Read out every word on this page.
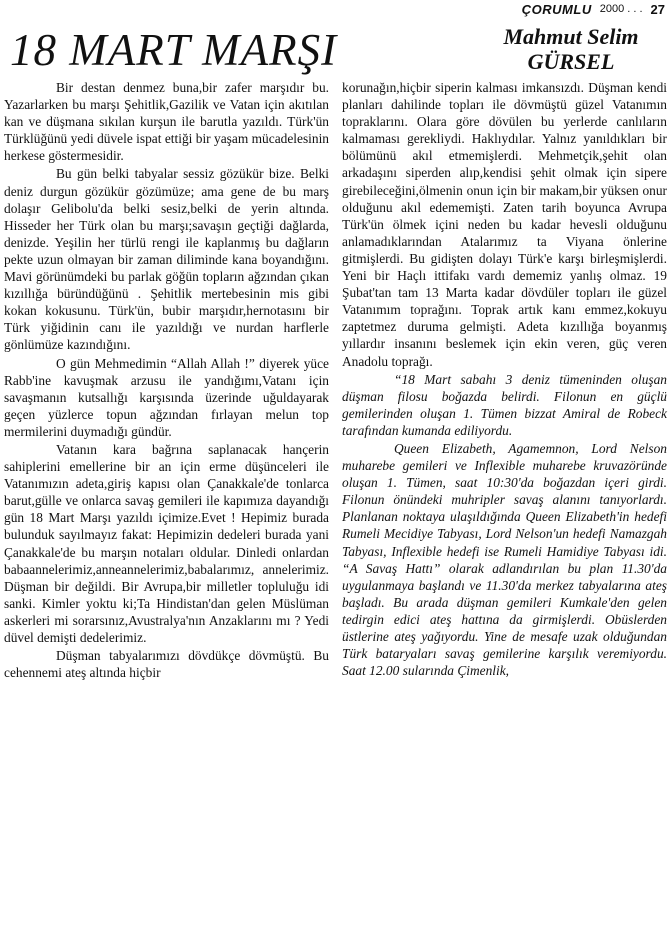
ÇORUMLU 2000 . . . 27
18 MART MARŞI	Mahmut Selim
GÜRSEL

Bir destan denmez buna,bir zafer marşıdır bu. Yazarlarken bu marşı Şehitlik,Gazilik ve Vatan için akıtılan kan ve düşmana sıkılan kurşun ile barutla yazıldı. Türk'ün Türklüğünü yedi düvele ispat ettiği bir yaşam mücadelesinin herkese göstermesidir.

Bu gün belki tabyalar sessiz gözükür bize. Belki deniz durgun gözükür gözümüze; ama gene de bu marş dolaşır Gelibolu'da belki sesiz,belki de yerin altında. Hisseder her Türk olan bu marşı;savaşın geçtiği dağlarda, denizde. Yeşilin her türlü rengi ile kaplanmış bu dağların pekte uzun olmayan bir zaman diliminde kana boyandığını. Mavi görünümdeki bu parlak göğün topların ağzından çıkan kızıllığa büründüğünü . Şehitlik mertebesinin mis gibi kokan kokusunu. Türk'ün, bubir marşıdır,hernotasını bir Türk yiğidinin canı ile yazıldığı ve nurdan harflerle gönlümüze kazındığını.

O gün Mehmedimin “Allah Allah !” diyerek yüce Rabb'ine kavuşmak arzusu ile yandığımı,Vatanı için savaşmanın kutsallığı karşısında üzerinde uğuldayarak geçen yüzlerce topun ağzından fırlayan melun top mermilerini duymadığı gündür.

Vatanın kara bağrına saplanacak hançerin sahiplerini emellerine bir an için erme düşünceleri ile Vatanımızın adeta,giriş kapısı olan Çanakkale'de tonlarca barut,gülle ve onlarca savaş gemileri ile kapımıza dayandığı gün 18 Mart Marşı yazıldı içimize.Evet ! Hepimiz burada bulunduk sayılmayız fakat: Hepimizin dedeleri burada yani Çanakkale'de bu marşın notaları oldular. Dinledi onlardan babaannelerimiz,anneannelerimiz,babalarımız, annelerimiz. Düşman bir değildi. Bir Avrupa,bir milletler topluluğu idi sanki. Kimler yoktu ki;Ta Hindistan'dan gelen Müslüman askerleri mi sorarsınız,Avustralya'nın Anzaklarını mı ? Yedi düvel demişti dedelerimiz.

Düşman tabyalarımızı dövdükçe dövmüştü. Bu cehennemi ateş altında hiçbir

korunağın,hiçbir siperin kalması imkansızdı. Düşman kendi planları dahilinde topları ile dövmüştü güzel Vatanımın topraklarını. Olara göre dövülen bu yerlerde canlıların kalmaması gerekliydi. Haklıydılar. Yalnız yanıldıkları bir bölümünü akıl etmemişlerdi. Mehmetçik,şehit olan arkadaşını siperden alıp,kendisi şehit olmak için sipere girebileceğini,ölmenin onun için bir makam,bir yüksen onur olduğunu akıl edememişti. Zaten tarih boyunca Avrupa Türk'ün ölmek içini neden bu kadar hevesli olduğunu anlamadıklarından Atalarımız ta Viyana önlerine gitmişlerdi. Bu gidişten dolayı Türk'e karşı birleşmişlerdi. Yeni bir Haçlı ittifakı vardı dememiz yanlış olmaz. 19 Şubat'tan tam 13 Marta kadar dövdüler topları ile güzel Vatanımım toprağını. Toprak artık kanı emmez,kokuyu zaptetmez duruma gelmişti. Adeta kızıllığa boyanmış yıllardır insanını beslemek için ekin veren, güç veren Anadolu toprağı.

“18 Mart sabahı 3 deniz tümeninden oluşan düşman filosu boğazda belirdi. Filonun en güçlü gemilerinden oluşan 1. Tümen bizzat Amiral de Robeck tarafından kumanda ediliyordu.

Queen Elizabeth, Agamemnon, Lord Nelson muharebe gemileri ve Inflexible muharebe kruvazöründe oluşan 1. Tümen, saat 10:30'da boğazdan içeri girdi. Filonun önündeki muhripler savaş alanını tanıyorlardı. Planlanan noktaya ulaşıldığında Queen Elizabeth'in hedefi Rumeli Mecidiye Tabyası, Lord Nelson'un hedefi Namazgah Tabyası, Inflexible hedefi ise Rumeli Hamidiye Tabyası idi. “A Savaş Hattı” olarak adlandırılan bu plan 11.30'da uygulanmaya başlandı ve 11.30'da merkez tabyalarına ateş başladı. Bu arada düşman gemileri Kumkale'den gelen tedirgin edici ateş hattına da girmişlerdi. Obüslerden üstlerine ateş yağıyordu. Yine de mesafe uzak olduğundan Türk bataryaları savaş gemilerine karşılık veremiyordu. Saat 12.00 sularında Çimenlik,
